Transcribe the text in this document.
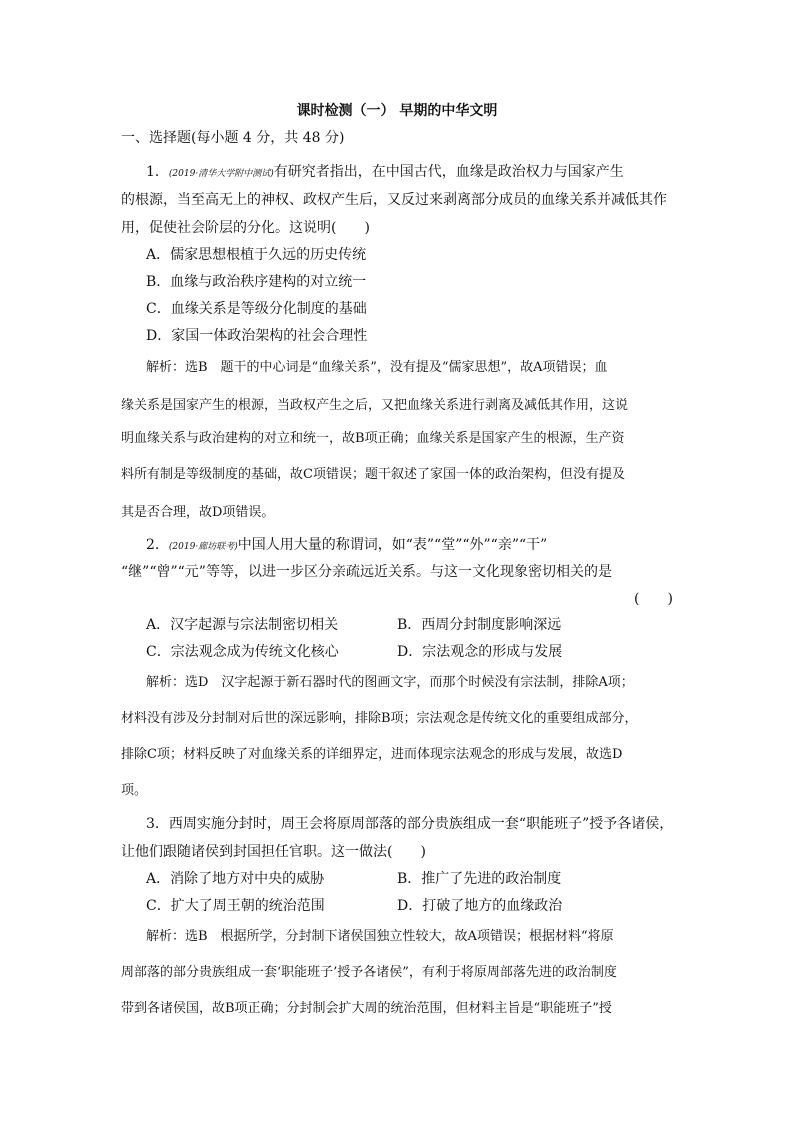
课时检测（一） 早期的中华文明
一、选择题(每小题 4 分，共 48 分)
1．(2019·清华大学附中测试)有研究者指出，在中国古代，血缘是政治权力与国家产生
的根源，当至高无上的神权、政权产生后，又反过来剥离部分成员的血缘关系并减低其作
用，促使社会阶层的分化。这说明(　　)
A．儒家思想根植于久远的历史传统
B．血缘与政治秩序建构的对立统一
C．血缘关系是等级分化制度的基础
D．家国一体政治架构的社会合理性
解析：选B　题干的中心词是“血缘关系”，没有提及“儒家思想”，故A项错误；血
缘关系是国家产生的根源，当政权产生之后，又把血缘关系进行剥离及减低其作用，这说
明血缘关系与政治建构的对立和统一，故B项正确；血缘关系是国家产生的根源，生产资
料所有制是等级制度的基础，故C项错误；题干叙述了家国一体的政治架构，但没有提及
其是否合理，故D项错误。
2．(2019·廊坊联考)中国人用大量的称谓词，如“表”“堂”“外”“亲”“干”
“继”“曾”“元”等等，以进一步区分亲疏远近关系。与这一文化现象密切相关的是
(　　)
A．汉字起源与宗法制密切相关	B．西周分封制度影响深远
C．宗法观念成为传统文化核心	D．宗法观念的形成与发展
解析：选D　汉字起源于新石器时代的图画文字，而那个时候没有宗法制，排除A项；
材料没有涉及分封制对后世的深远影响，排除B项；宗法观念是传统文化的重要组成部分，
排除C项；材料反映了对血缘关系的详细界定，进而体现宗法观念的形成与发展，故选D
项。
3．西周实施分封时，周王会将原周部落的部分贵族组成一套“职能班子”授予各诸侯，
让他们跟随诸侯到封国担任官职。这一做法(　　)
A．消除了地方对中央的威胁	B．推广了先进的政治制度
C．扩大了周王朝的统治范围	D．打破了地方的血缘政治
解析：选B　根据所学，分封制下诸侯国独立性较大，故A项错误；根据材料“将原
周部落的部分贵族组成一套‘职能班子’授予各诸侯”，有利于将原周部落先进的政治制度
带到各诸侯国，故B项正确；分封制会扩大周的统治范围，但材料主旨是“职能班子”授
